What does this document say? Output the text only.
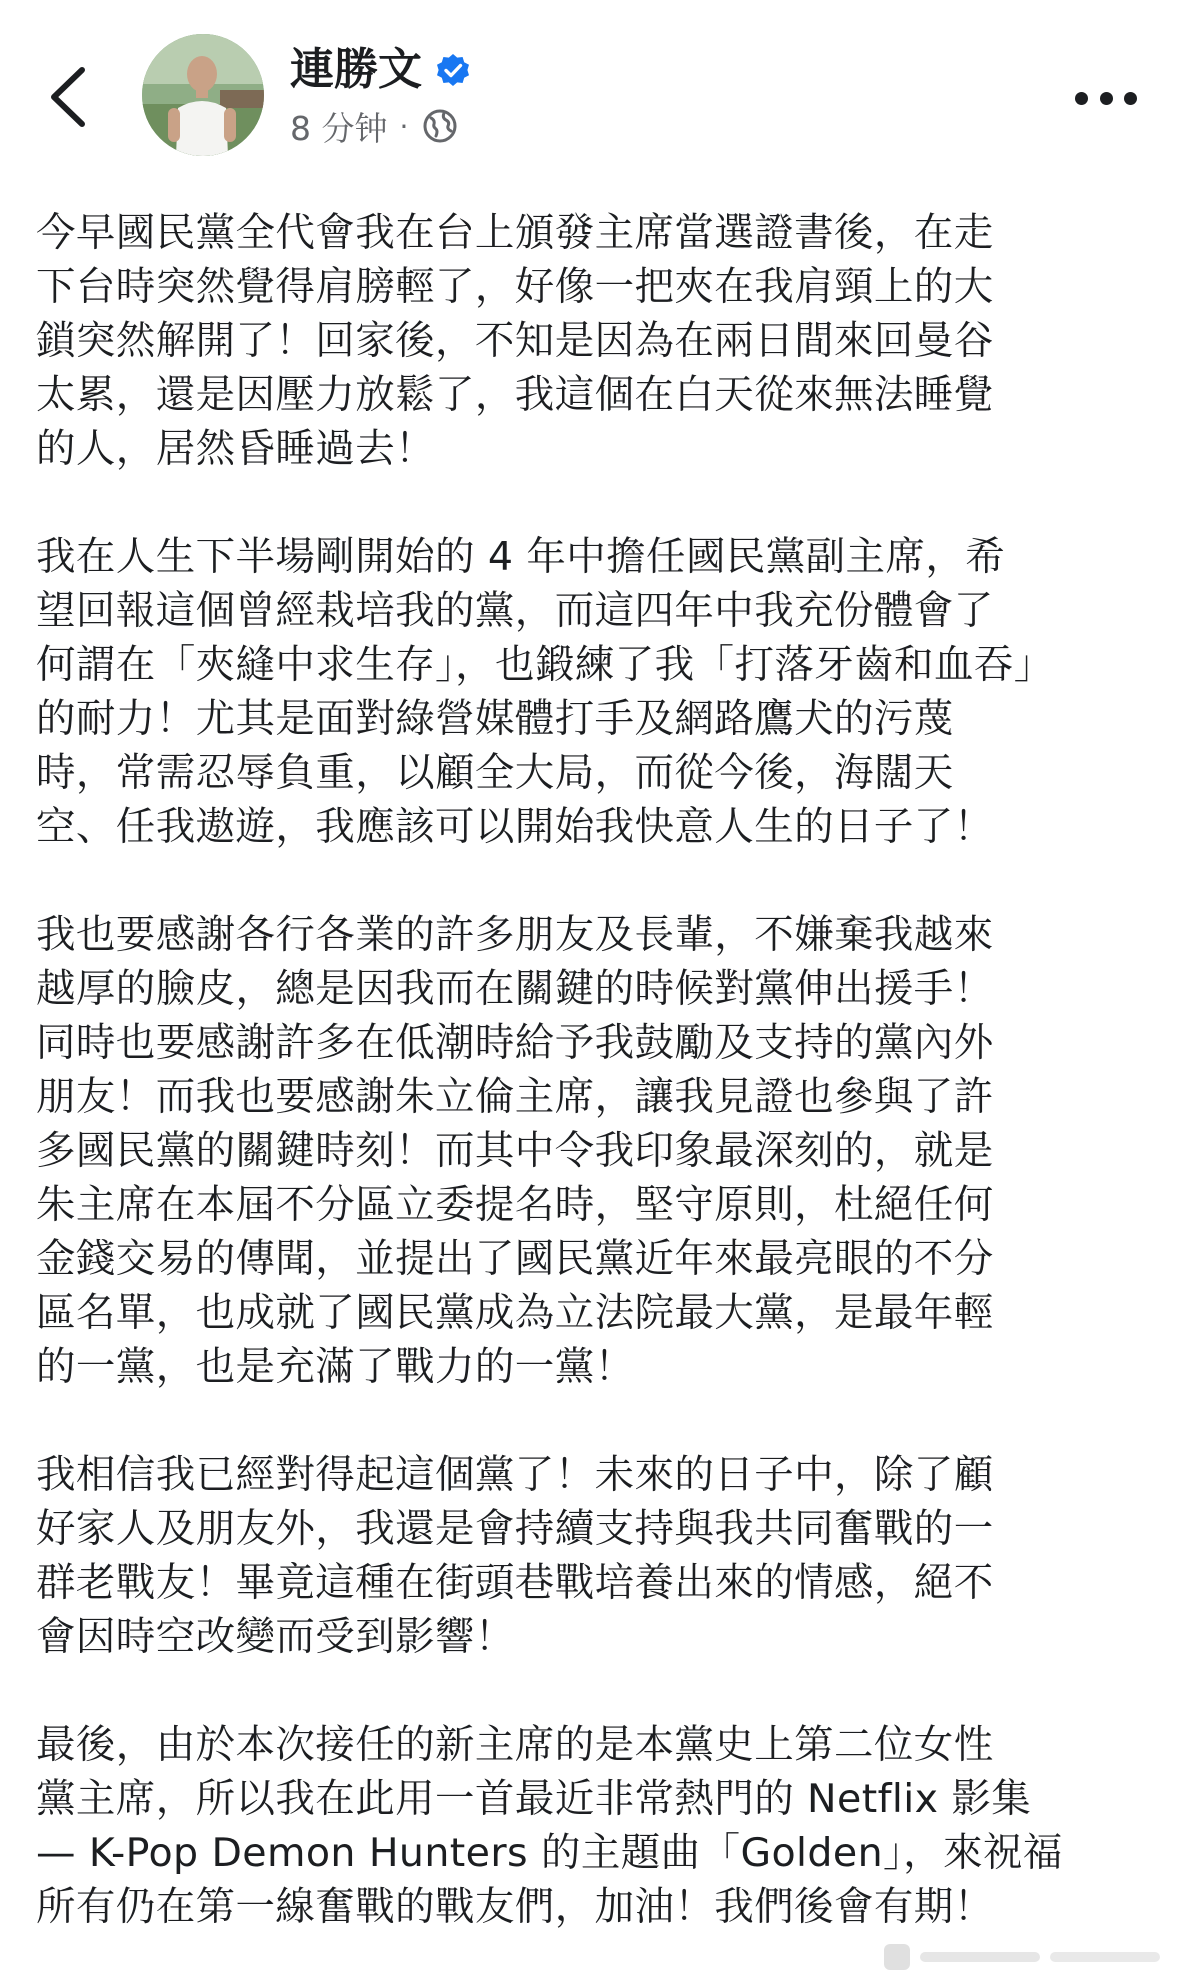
連勝文
8 分钟 ·

今早國民黨全代會我在台上頒發主席當選證書後，在走
下台時突然覺得肩膀輕了，好像一把夾在我肩頸上的大
鎖突然解開了！回家後，不知是因為在兩日間來回曼谷
太累，還是因壓力放鬆了，我這個在白天從來無法睡覺
的人，居然昏睡過去！

我在人生下半場剛開始的 4 年中擔任國民黨副主席，希
望回報這個曾經栽培我的黨，而這四年中我充份體會了
何謂在「夾縫中求生存」，也鍛練了我「打落牙齒和血吞」
的耐力！尤其是面對綠營媒體打手及網路鷹犬的污蔑
時，常需忍辱負重，以顧全大局，而從今後，海闊天
空、任我遨遊，我應該可以開始我快意人生的日子了！

我也要感謝各行各業的許多朋友及長輩，不嫌棄我越來
越厚的臉皮，總是因我而在關鍵的時候對黨伸出援手！
同時也要感謝許多在低潮時給予我鼓勵及支持的黨內外
朋友！而我也要感謝朱立倫主席，讓我見證也參與了許
多國民黨的關鍵時刻！而其中令我印象最深刻的，就是
朱主席在本屆不分區立委提名時，堅守原則，杜絕任何
金錢交易的傳聞，並提出了國民黨近年來最亮眼的不分
區名單，也成就了國民黨成為立法院最大黨，是最年輕
的一黨，也是充滿了戰力的一黨！

我相信我已經對得起這個黨了！未來的日子中，除了顧
好家人及朋友外，我還是會持續支持與我共同奮戰的一
群老戰友！畢竟這種在街頭巷戰培養出來的情感，絕不
會因時空改變而受到影響！

最後，由於本次接任的新主席的是本黨史上第二位女性
黨主席，所以我在此用一首最近非常熱門的 Netflix 影集
— K-Pop Demon Hunters 的主題曲「Golden」，來祝福
所有仍在第一線奮戰的戰友們，加油！我們後會有期！
